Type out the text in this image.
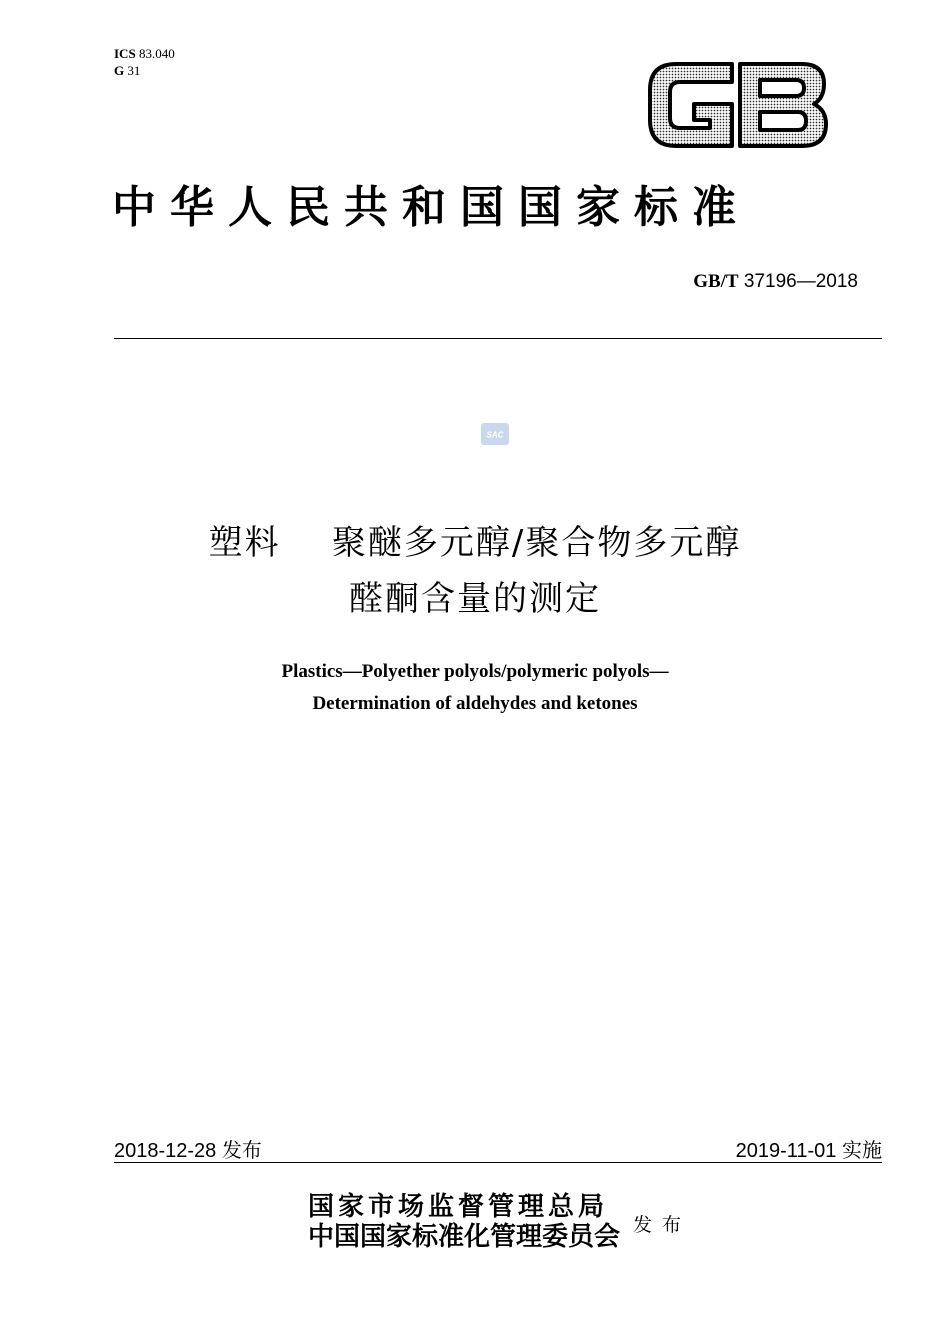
ICS 83.040
G 31
中华人民共和国国家标准
GB/T 37196—2018
SAC
塑料    聚醚多元醇/聚合物多元醇
醛酮含量的测定
Plastics—Polyether polyols/polymeric polyols—
Determination of aldehydes and ketones
2018-12-28 发布	2019-11-01 实施
国家市场监督管理总局
中国国家标准化管理委员会 发布
